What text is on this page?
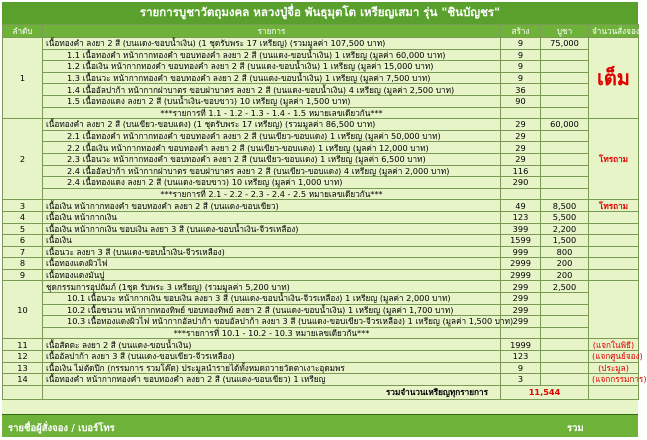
รายการบูชาวัตถุมงคล หลวงปู่จื่อ พันธุมุตโต เหรียญเสมา รุ่น "ชินบัญชร"
ลำดับ	รายการ	สร้าง	บูชา	จำนวนสั่งจอง
1	เนื้อทองคำ ลงยา 2 สี (บนแดง-ขอบน้ำเงิน) (1 ชุดรับพระ 17 เหรียญ) (รวมมูลค่า 107,500 บาท)	9	75,000	เต็ม
	1.1 เนื้อทองคำ หน้ากากทองคำ ขอบทองคำ ลงยา 2 สี (บนแดง-ขอบน้ำเงิน) 1 เหรียญ (มูลค่า 60,000 บาท)	9		
	1.2 เนื้อเงิน หน้ากากทองคำ ขอบทองคำ ลงยา 2 สี (บนแดง-ขอบน้ำเงิน) 1 เหรียญ (มูลค่า 15,000 บาท)	9		
	1.3 เนื้อนวะ หน้ากากทองคำ ขอบทองคำ ลงยา 2 สี (บนแดง-ขอบน้ำเงิน) 1 เหรียญ (มูลค่า 7,500 บาท)	9		
	1.4 เนื้ออัลปาก้า หน้ากากฝาบาตร ขอบฝาบาตร ลงยา 2 สี (บนแดง-ขอบน้ำเงิน) 4 เหรียญ (มูลค่า 2,500 บาท)	36		
	1.5 เนื้อทองแดง ลงยา 2 สี (บนน้ำเงิน-ขอบขาว) 10 เหรียญ (มูลค่า 1,500 บาท)	90		
	***รายการที่ 1.1 - 1.2 - 1.3 - 1.4 - 1.5 หมายเลขเดียวกัน***			
2	เนื้อทองคำ ลงยา 2 สี (บนเขียว-ขอบแดง) (1 ชุดรับพระ 17 เหรียญ) (รวมมูลค่า 86,500 บาท)	29	60,000	โทรถาม
	2.1 เนื้อทองคำ หน้ากากทองคำ ขอบทองคำ ลงยา 2 สี (บนเขียว-ขอบแดง) 1 เหรียญ (มูลค่า 50,000 บาท)	29		
	2.2 เนื้อเงิน หน้ากากทองคำ ขอบทองคำ ลงยา 2 สี (บนเขียว-ขอบแดง) 1 เหรียญ (มูลค่า 12,000 บาท)	29		
	2.3 เนื้อนวะ หน้ากากทองคำ ขอบทองคำ ลงยา 2 สี (บนเขียว-ขอบแดง) 1 เหรียญ (มูลค่า 6,500 บาท)	29		
	2.4 เนื้ออัลปาก้า หน้ากากฝาบาตร ขอบฝาบาตร ลงยา 2 สี (บนเขียว-ขอบแดง) 4 เหรียญ (มูลค่า 2,000 บาท)	116		
	2.4 เนื้อทองแดง ลงยา 2 สี (บนแดง-ขอบขาว) 10 เหรียญ (มูลค่า 1,000 บาท)	290		
	***รายการที่ 2.1 - 2.2 - 2.3 - 2.4 - 2.5 หมายเลขเดียวกัน***			
3	เนื้อเงิน หน้ากากทองคำ ขอบทองคำ ลงยา 2 สี (บนแดง-ขอบเขียว)	49	8,500	โทรถาม
4	เนื้อเงิน หน้ากากเงิน	123	5,500	
5	เนื้อเงิน หน้ากากเงิน ขอบเงิน ลงยา 3 สี (บนแดง-ขอบน้ำเงิน-จีวรเหลือง)	399	2,200	
6	เนื้อเงิน	1599	1,500	
7	เนื้อนวะ ลงยา 3 สี (บนแดง-ขอบน้ำเงิน-จีวรเหลือง)	999	800	
8	เนื้อทองแดงผิวไฟ	2999	200	
9	เนื้อทองแดงมันปู	2999	200	
10	ชุดกรรมการอุปถัมภ์ (1ชุด รับพระ 3 เหรียญ) (รวมมูลค่า 5,200 บาท)	299	2,500	
	10.1 เนื้อนวะ หน้ากากเงิน ขอบเงิน ลงยา 3 สี (บนแดง-ขอบน้ำเงิน-จีวรเหลือง) 1 เหรียญ (มูลค่า 2,000 บาท)	299		
	10.2 เนื้อชนวน หน้ากากทองทิพย์ ขอบทองทิพย์ ลงยา 2 สี (บนแดง-ขอบน้ำเงิน) 1 เหรียญ (มูลค่า 1,700 บาท)	299		
	10.3 เนื้อทองแดงผิวไฟ หน้ากากอัลปาก้า ขอบอัลปาก้า ลงยา 3 สี (บนแดง-ขอบเขียว-จีวรเหลือง) 1 เหรียญ (มูลค่า 1,500 บาท)	299		
	***รายการที่ 10.1 - 10.2 - 10.3 หมายเลขเดียวกัน***			
11	เนื้อสัตตะ ลงยา 2 สี (บนแดง-ขอบน้ำเงิน)	1999		(แจกในพิธี)
12	เนื้ออัลปาก้า ลงยา 3 สี (บนแดง-ขอบเขียว-จีวรเหลือง)	123		(แจกศูนย์จอง)
13	เนื้อเงิน ไม่ตัดปีก (กรรมการ รวมโค๊ต) ประมูลนำรายได้ทั้งหมดถวายวัดตาเงาะอุดมพร	9		(ประมูล)
14	เนื้อทองคำ หน้ากากทองคำ ขอบทองคำ ลงยา 2 สี (บนแดง-ขอบเขียว) 1 เหรียญ	3		(แจกกรรมการ)
	รวมจำนวนเหรียญทุกรายการ	11,544		
รายชื่อผู้สั่งจอง / เบอร์โทร	รวม
